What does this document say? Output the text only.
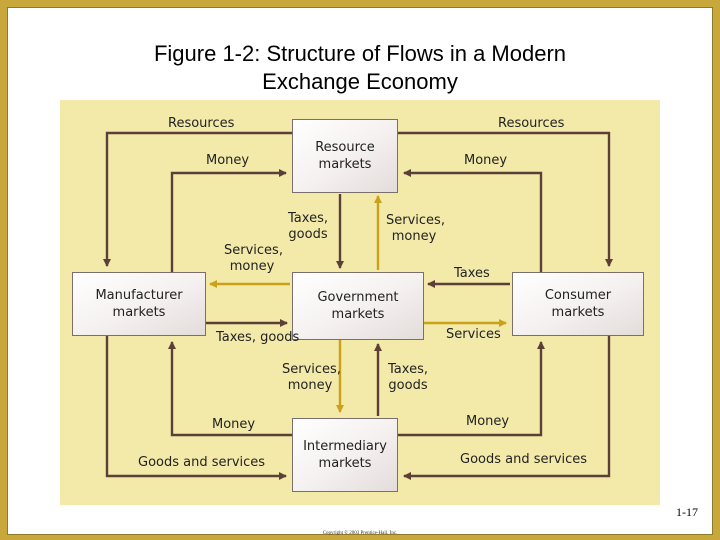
Figure 1-2: Structure of Flows in a Modern
Exchange Economy
Resource
markets
Manufacturer
markets
Government
markets
Consumer
markets
Intermediary
markets
Resources
Money
Resources
Money
Taxes,
goods
Services,
money
Services,
money	Taxes
Taxes, goods	Services
Services,
money
Taxes,
goods
Money
Goods and services
Money
Goods and services
1-17
Copyright © 2003 Prentice-Hall, Inc.
